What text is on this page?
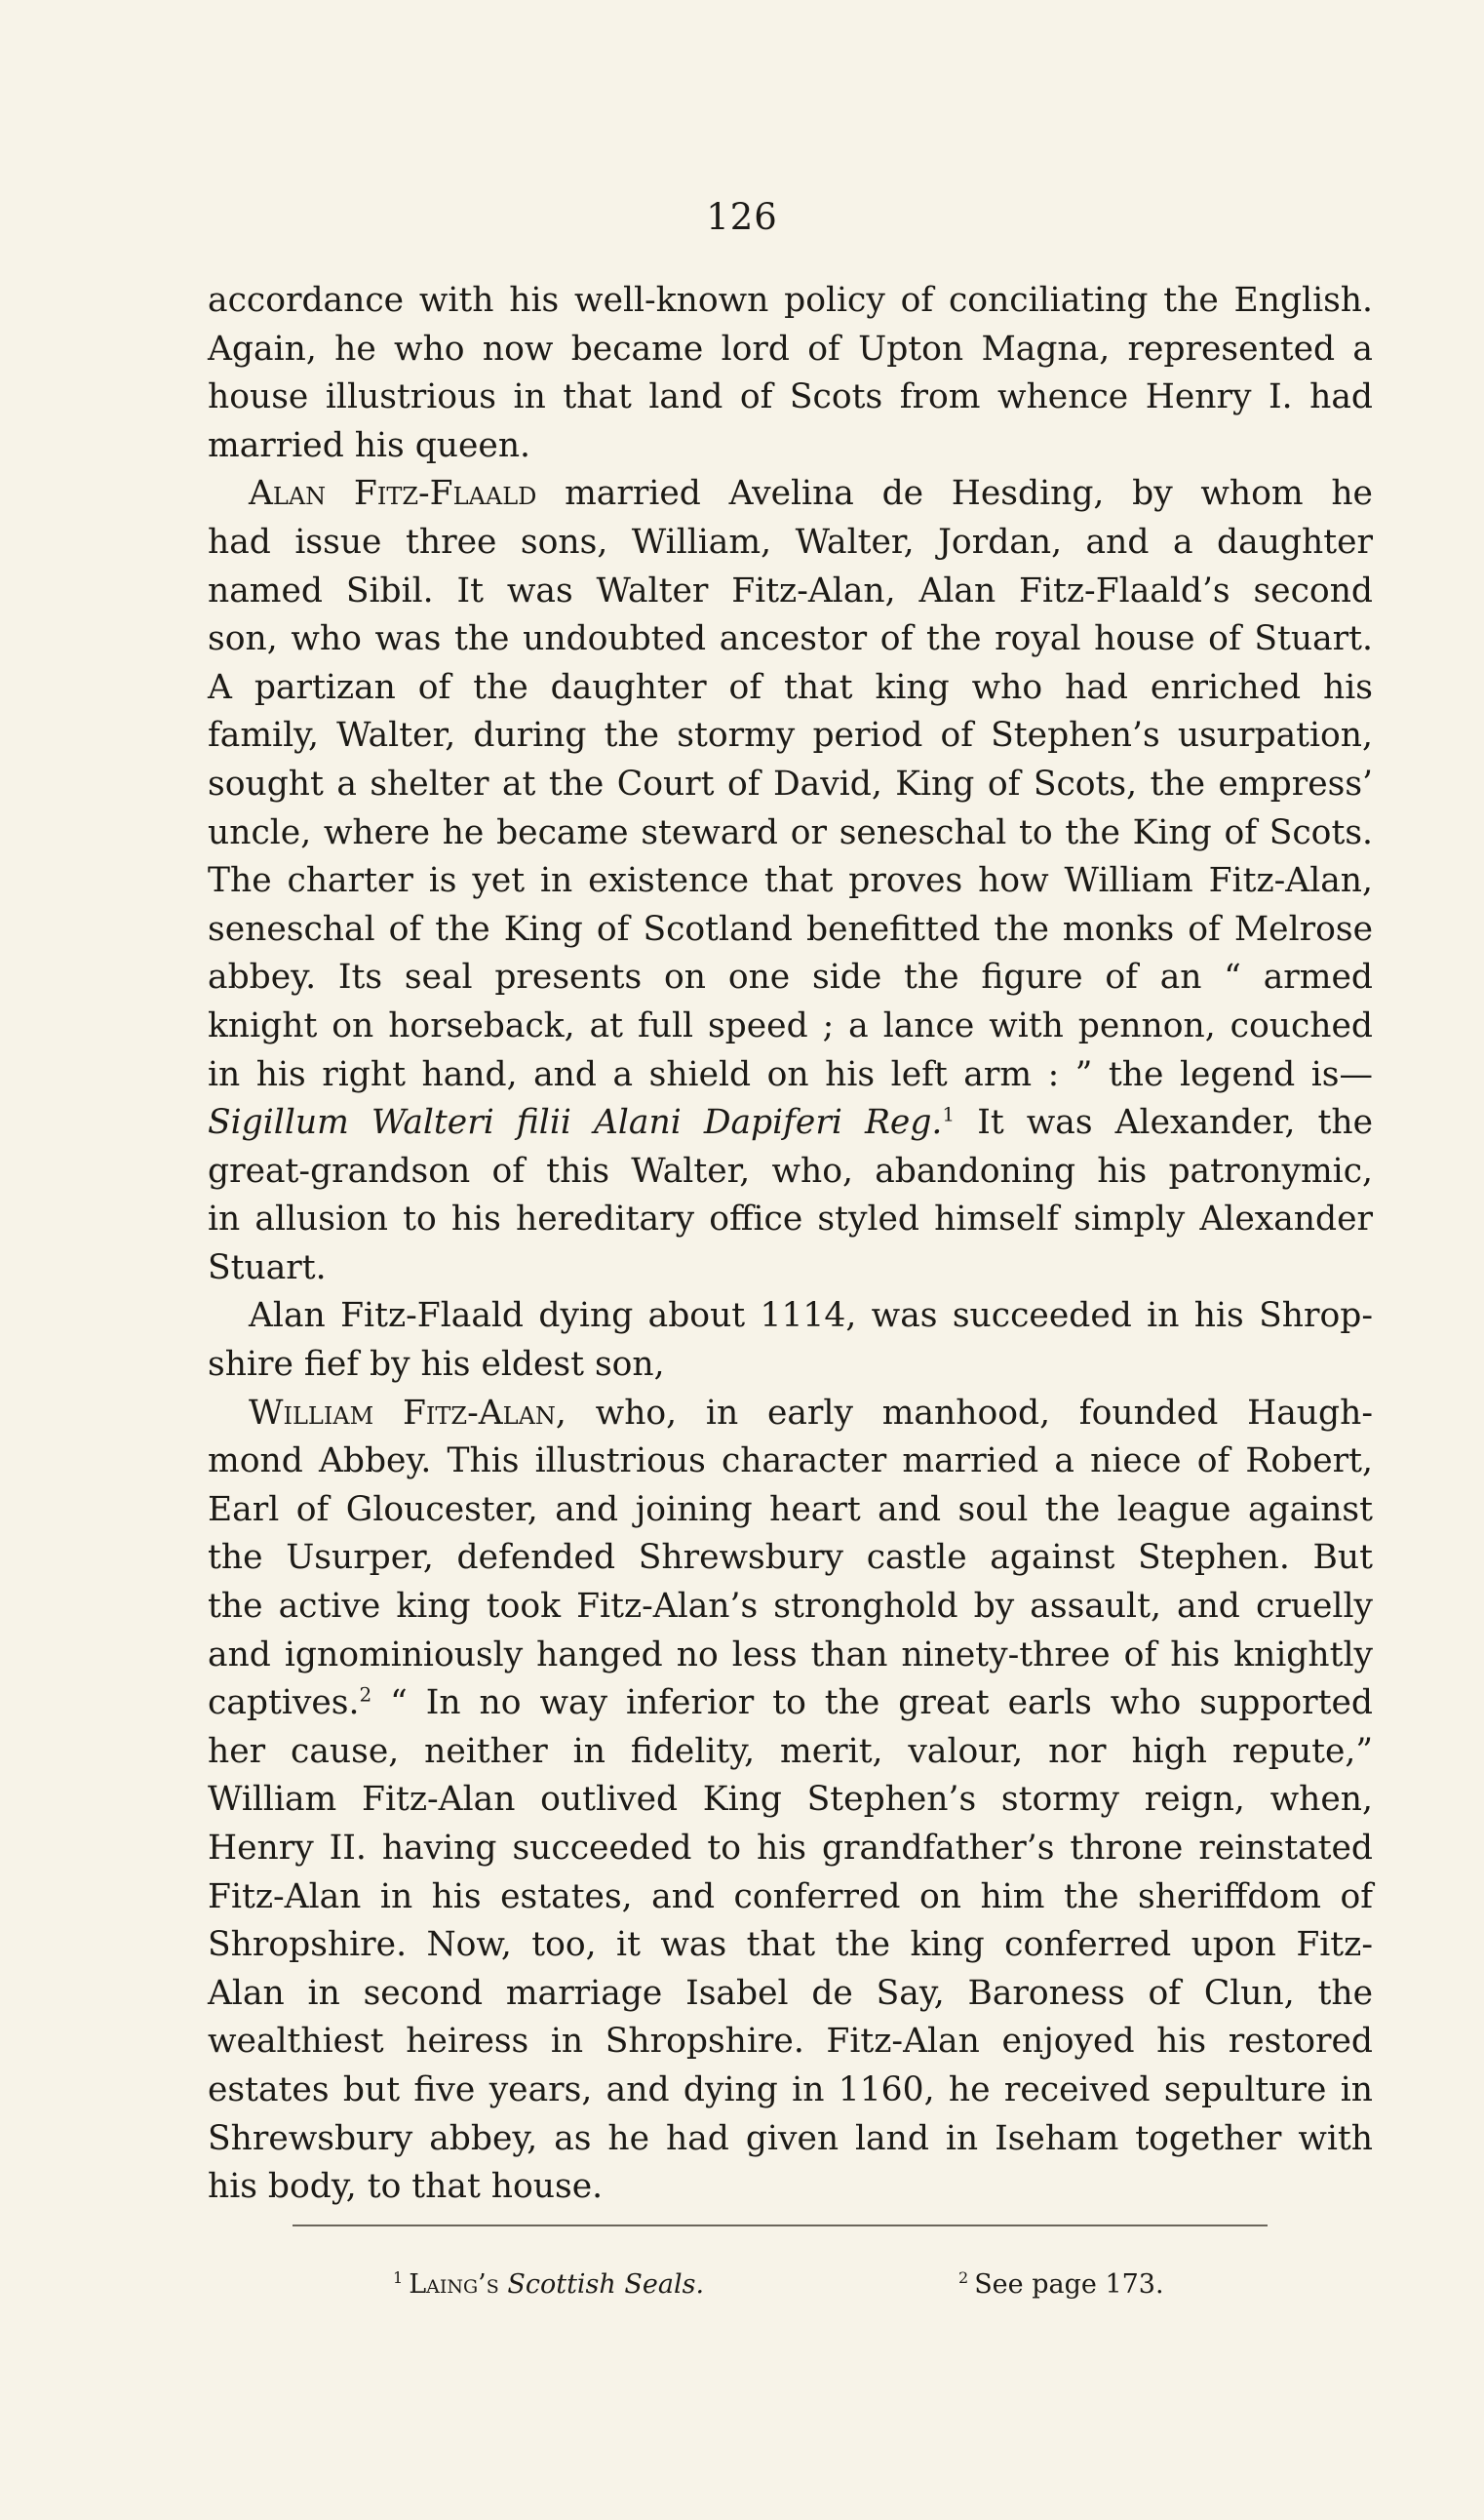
126
accordance with his well-known policy of conciliating the English.
Again, he who now became lord of Upton Magna, represented a
house illustrious in that land of Scots from whence Henry I. had
married his queen.
Alan Fitz-Flaald married Avelina de Hesding, by whom he
had issue three sons, William, Walter, Jordan, and a daughter
named Sibil. It was Walter Fitz-Alan, Alan Fitz-Flaald’s second
son, who was the undoubted ancestor of the royal house of Stuart.
A partizan of the daughter of that king who had enriched his
family, Walter, during the stormy period of Stephen’s usurpation,
sought a shelter at the Court of David, King of Scots, the empress’
uncle, where he became steward or seneschal to the King of Scots.
The charter is yet in existence that proves how William Fitz-Alan,
seneschal of the King of Scotland benefitted the monks of Melrose
abbey. Its seal presents on one side the figure of an “ armed
knight on horseback, at full speed ; a lance with pennon, couched
in his right hand, and a shield on his left arm : ” the legend is—
Sigillum Walteri filii Alani Dapiferi Reg.$^1$ It was Alexander, the
great-grandson of this Walter, who, abandoning his patronymic,
in allusion to his hereditary office styled himself simply Alexander
Stuart.
Alan Fitz-Flaald dying about 1114, was succeeded in his Shrop-
shire fief by his eldest son,
William Fitz-Alan, who, in early manhood, founded Haugh-
mond Abbey. This illustrious character married a niece of Robert,
Earl of Gloucester, and joining heart and soul the league against
the Usurper, defended Shrewsbury castle against Stephen. But
the active king took Fitz-Alan’s stronghold by assault, and cruelly
and ignominiously hanged no less than ninety-three of his knightly
captives.$^2$ “ In no way inferior to the great earls who supported
her cause, neither in fidelity, merit, valour, nor high repute,”
William Fitz-Alan outlived King Stephen’s stormy reign, when,
Henry II. having succeeded to his grandfather’s throne reinstated
Fitz-Alan in his estates, and conferred on him the sheriffdom of
Shropshire. Now, too, it was that the king conferred upon Fitz-
Alan in second marriage Isabel de Say, Baroness of Clun, the
wealthiest heiress in Shropshire. Fitz-Alan enjoyed his restored
estates but five years, and dying in 1160, he received sepulture in
Shrewsbury abbey, as he had given land in Iseham together with
his body, to that house.
$^1$ Laing’s Scottish Seals.	$^2$ See page 173.
